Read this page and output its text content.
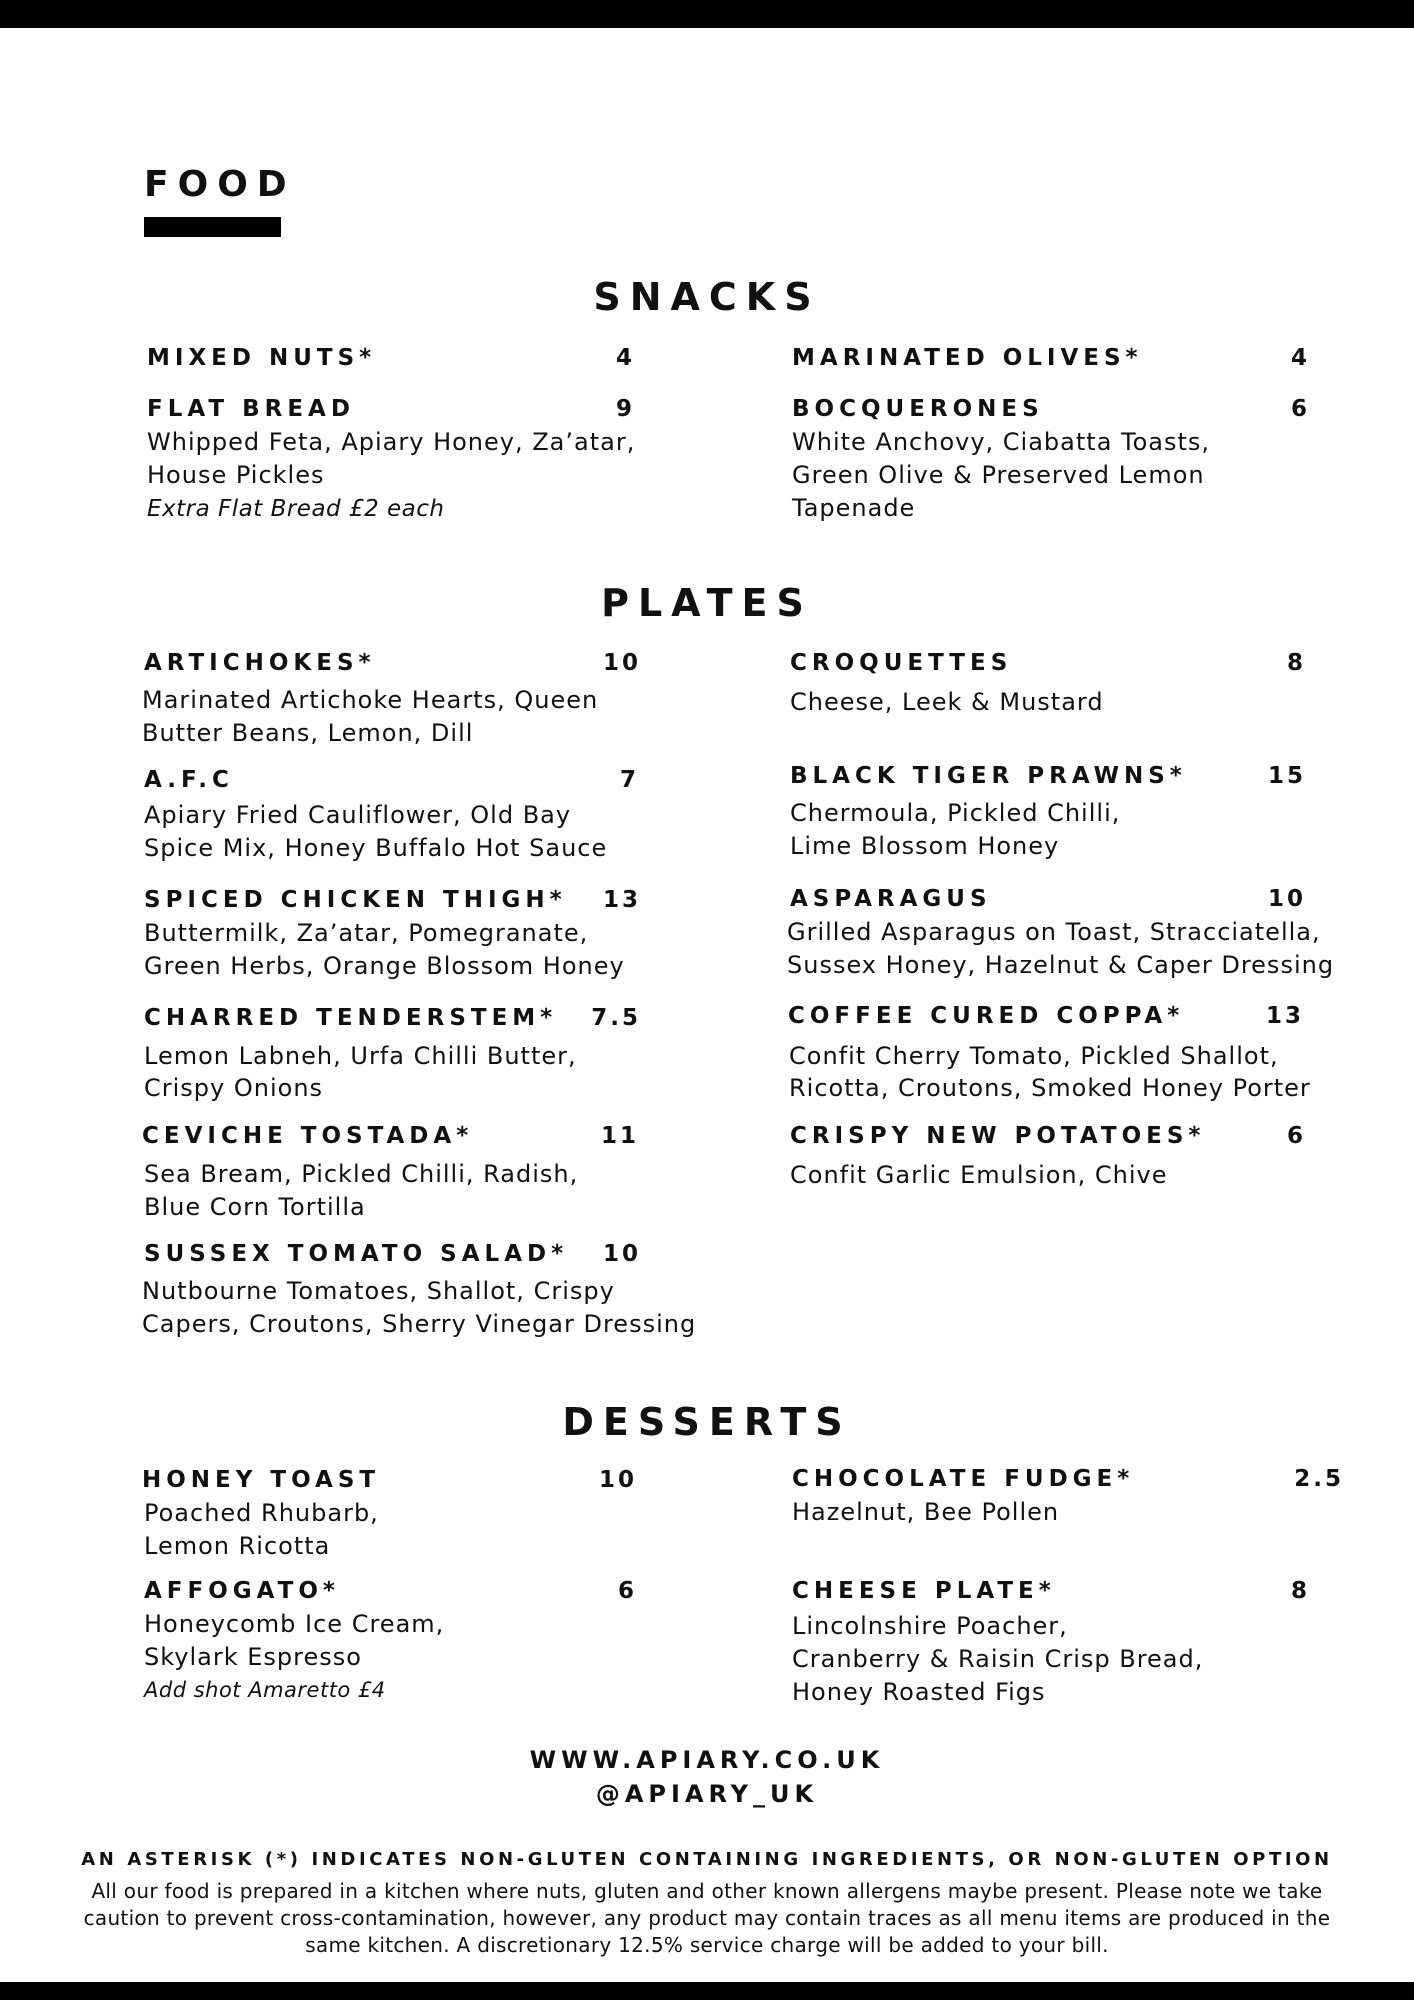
FOOD
SNACKS
MIXED NUTS*	4	MARINATED OLIVES*	4
FLAT BREAD	9
Whipped Feta, Apiary Honey, Za’atar,
House Pickles
Extra Flat Bread £2 each
BOCQUERONES	6
White Anchovy, Ciabatta Toasts,
Green Olive & Preserved Lemon
Tapenade
PLATES
ARTICHOKES*	10
Marinated Artichoke Hearts, Queen
Butter Beans, Lemon, Dill
CROQUETTES	8
Cheese, Leek & Mustard
A.F.C	7
Apiary Fried Cauliflower, Old Bay
Spice Mix, Honey Buffalo Hot Sauce
BLACK TIGER PRAWNS*	15
Chermoula, Pickled Chilli,
Lime Blossom Honey
SPICED CHICKEN THIGH* 13
Buttermilk, Za’atar, Pomegranate,
Green Herbs, Orange Blossom Honey
ASPARAGUS	10
Grilled Asparagus on Toast, Stracciatella,
Sussex Honey, Hazelnut & Caper Dressing
CHARRED TENDERSTEM* 7.5
Lemon Labneh, Urfa Chilli Butter,
Crispy Onions
COFFEE CURED COPPA*	13
Confit Cherry Tomato, Pickled Shallot,
Ricotta, Croutons, Smoked Honey Porter
CEVICHE TOSTADA*	11
Sea Bream, Pickled Chilli, Radish,
Blue Corn Tortilla
CRISPY NEW POTATOES*	6
Confit Garlic Emulsion, Chive
SUSSEX TOMATO SALAD* 10
Nutbourne Tomatoes, Shallot, Crispy
Capers, Croutons, Sherry Vinegar Dressing
DESSERTS
HONEY TOAST	10
Poached Rhubarb,
Lemon Ricotta
CHOCOLATE FUDGE*	2.5
Hazelnut, Bee Pollen
AFFOGATO*	6
Honeycomb Ice Cream,
Skylark Espresso
Add shot Amaretto £4
CHEESE PLATE*	8
Lincolnshire Poacher,
Cranberry & Raisin Crisp Bread,
Honey Roasted Figs
WWW.APIARY.CO.UK
@APIARY_UK
AN ASTERISK (*) INDICATES NON-GLUTEN CONTAINING INGREDIENTS, OR NON-GLUTEN OPTION
All our food is prepared in a kitchen where nuts, gluten and other known allergens maybe present. Please note we take caution to prevent cross-contamination, however, any product may contain traces as all menu items are produced in the same kitchen. A discretionary 12.5% service charge will be added to your bill.
